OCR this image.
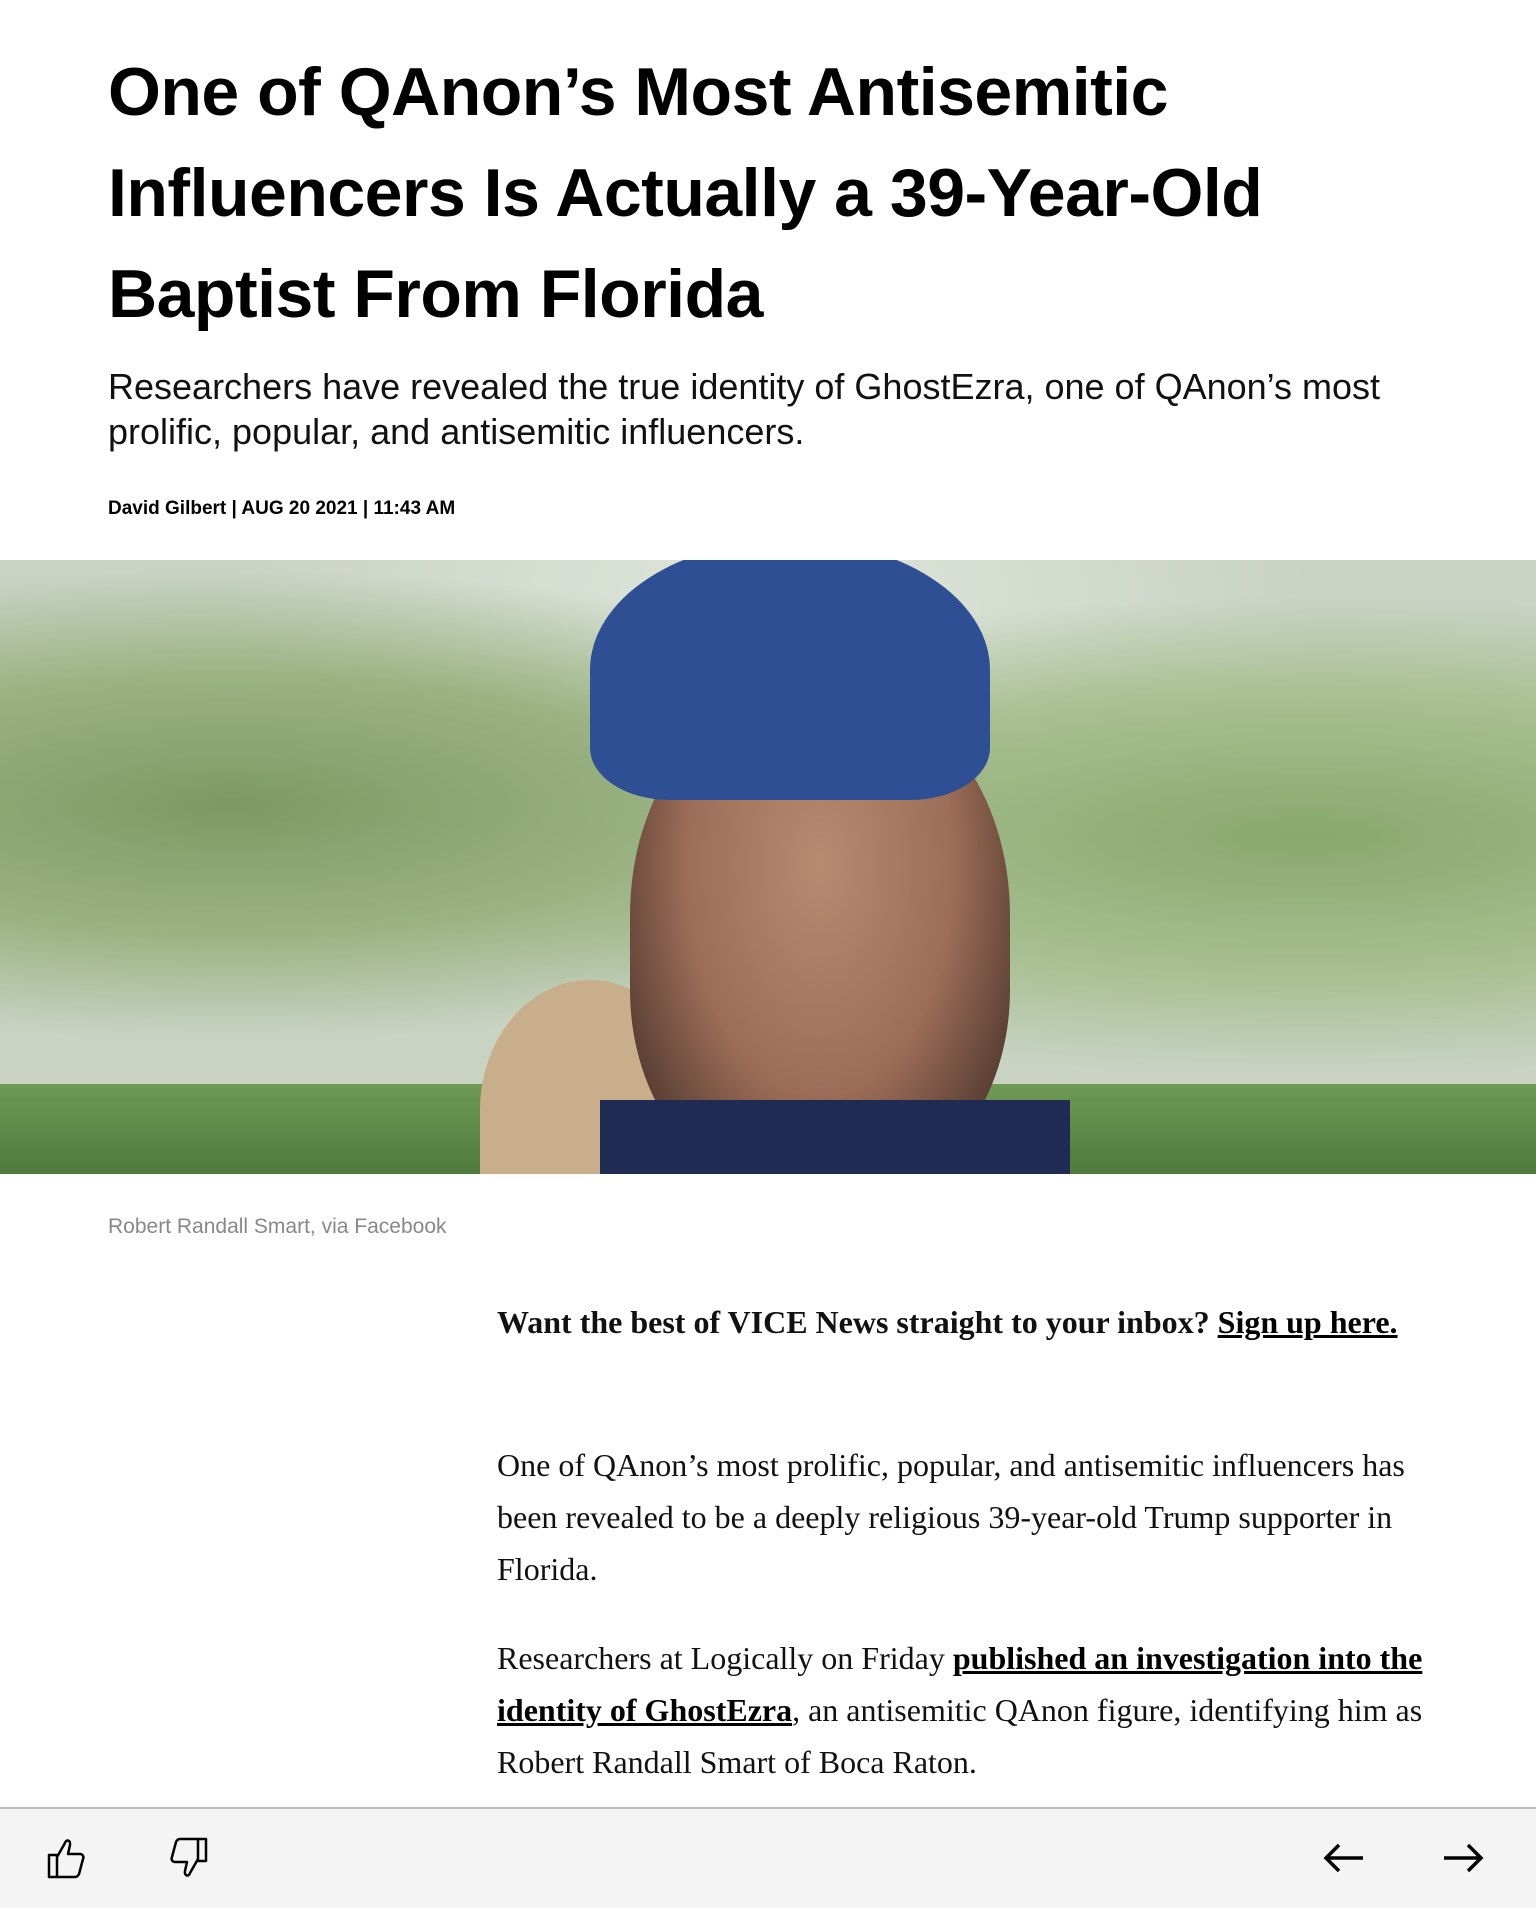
One of QAnon’s Most Antisemitic Influencers Is Actually a 39-Year-Old Baptist From Florida

Researchers have revealed the true identity of GhostEzra, one of QAnon’s most prolific, popular, and antisemitic influencers.

David Gilbert | AUG 20 2021 | 11:43 AM
Robert Randall Smart, via Facebook

Want the best of VICE News straight to your inbox? Sign up here.

One of QAnon’s most prolific, popular, and antisemitic influencers has been revealed to be a deeply religious 39-year-old Trump supporter in Florida.

Researchers at Logically on Friday published an investigation into the identity of GhostEzra, an antisemitic QAnon figure, identifying him as Robert Randall Smart of Boca Raton.
